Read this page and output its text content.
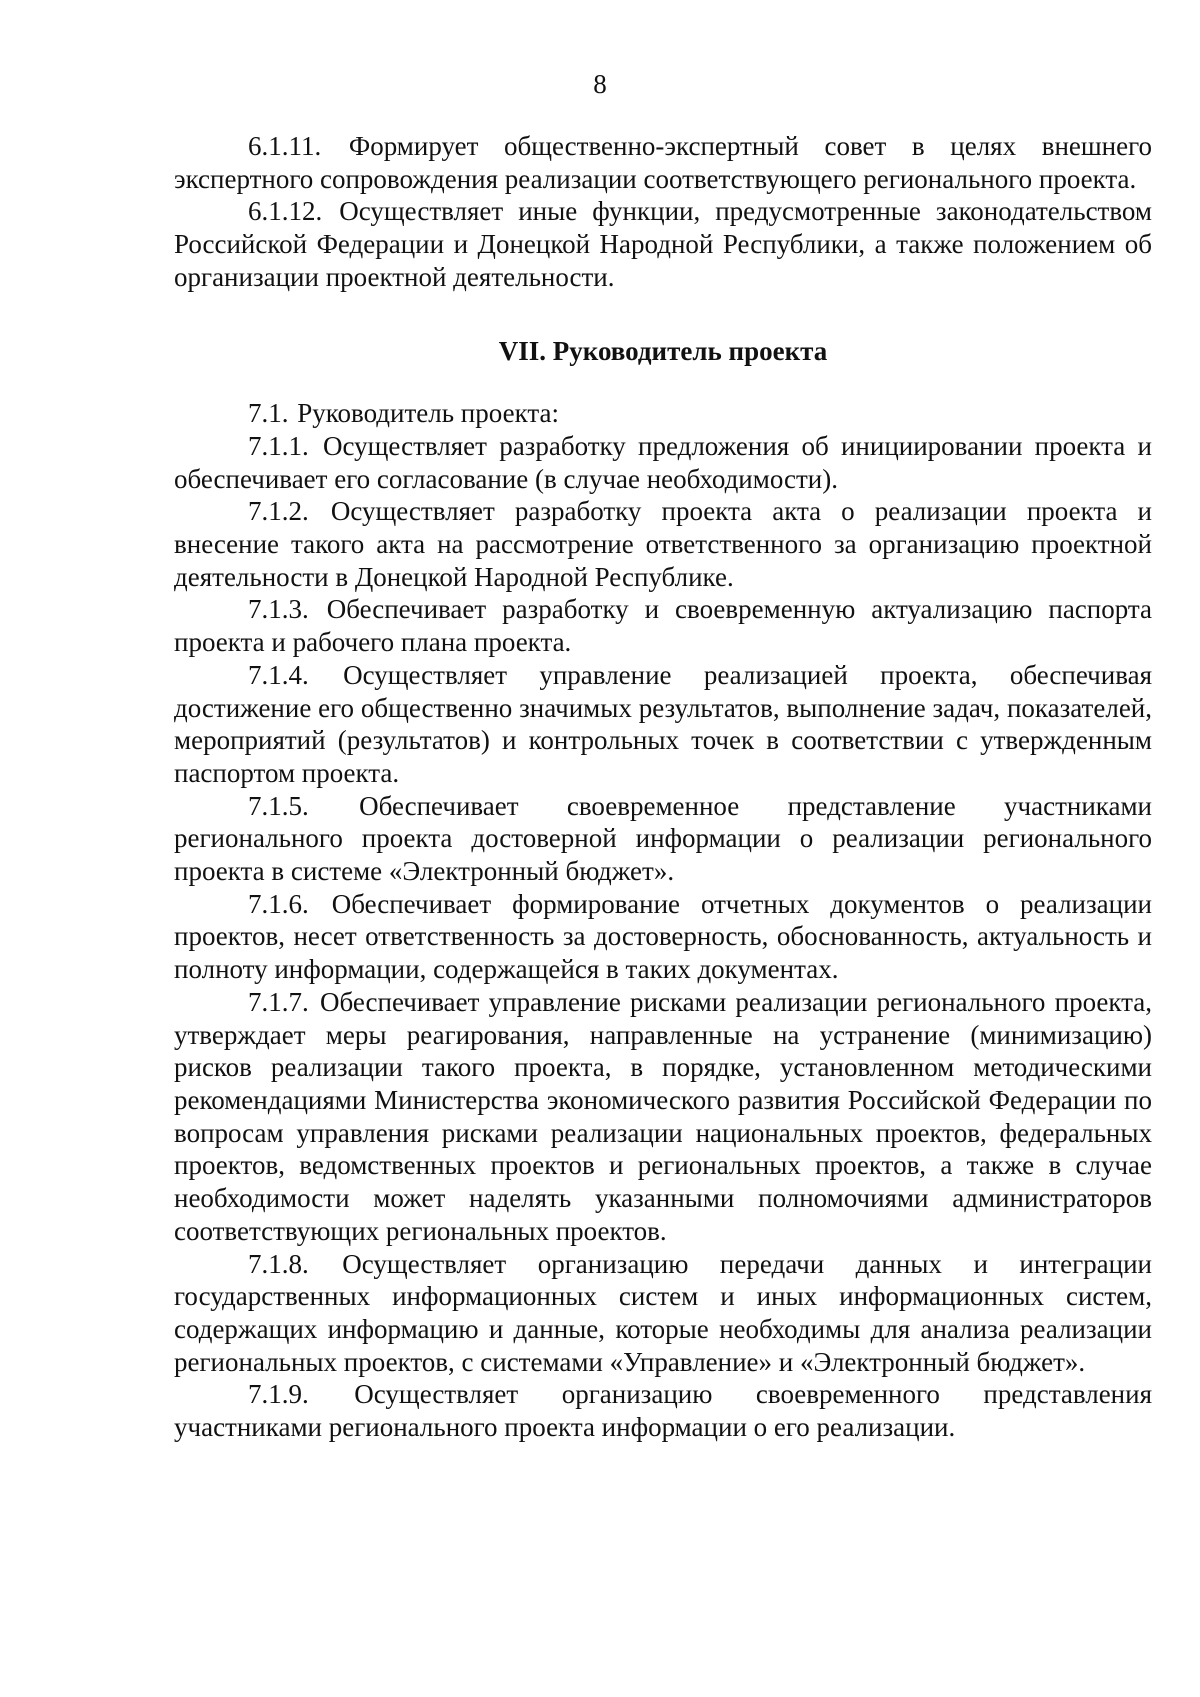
8

6.1.11. Формирует общественно-экспертный совет в целях внешнего экспертного сопровождения реализации соответствующего регионального проекта.

6.1.12. Осуществляет иные функции, предусмотренные законодательством Российской Федерации и Донецкой Народной Республики, а также положением об организации проектной деятельности.

VII. Руководитель проекта

7.1. Руководитель проекта:

7.1.1. Осуществляет разработку предложения об инициировании проекта и обеспечивает его согласование (в случае необходимости).

7.1.2. Осуществляет разработку проекта акта о реализации проекта и внесение такого акта на рассмотрение ответственного за организацию проектной деятельности в Донецкой Народной Республике.

7.1.3. Обеспечивает разработку и своевременную актуализацию паспорта проекта и рабочего плана проекта.

7.1.4. Осуществляет управление реализацией проекта, обеспечивая достижение его общественно значимых результатов, выполнение задач, показателей, мероприятий (результатов) и контрольных точек в соответствии с утвержденным паспортом проекта.

7.1.5. Обеспечивает своевременное представление участниками регионального проекта достоверной информации о реализации регионального проекта в системе «Электронный бюджет».

7.1.6. Обеспечивает формирование отчетных документов о реализации проектов, несет ответственность за достоверность, обоснованность, актуальность и полноту информации, содержащейся в таких документах.

7.1.7. Обеспечивает управление рисками реализации регионального проекта, утверждает меры реагирования, направленные на устранение (минимизацию) рисков реализации такого проекта, в порядке, установленном методическими рекомендациями Министерства экономического развития Российской Федерации по вопросам управления рисками реализации национальных проектов, федеральных проектов, ведомственных проектов и региональных проектов, а также в случае необходимости может наделять указанными полномочиями администраторов соответствующих региональных проектов.

7.1.8. Осуществляет организацию передачи данных и интеграции государственных информационных систем и иных информационных систем, содержащих информацию и данные, которые необходимы для анализа реализации региональных проектов, с системами «Управление» и «Электронный бюджет».

7.1.9. Осуществляет организацию своевременного представления участниками регионального проекта информации о его реализации.
